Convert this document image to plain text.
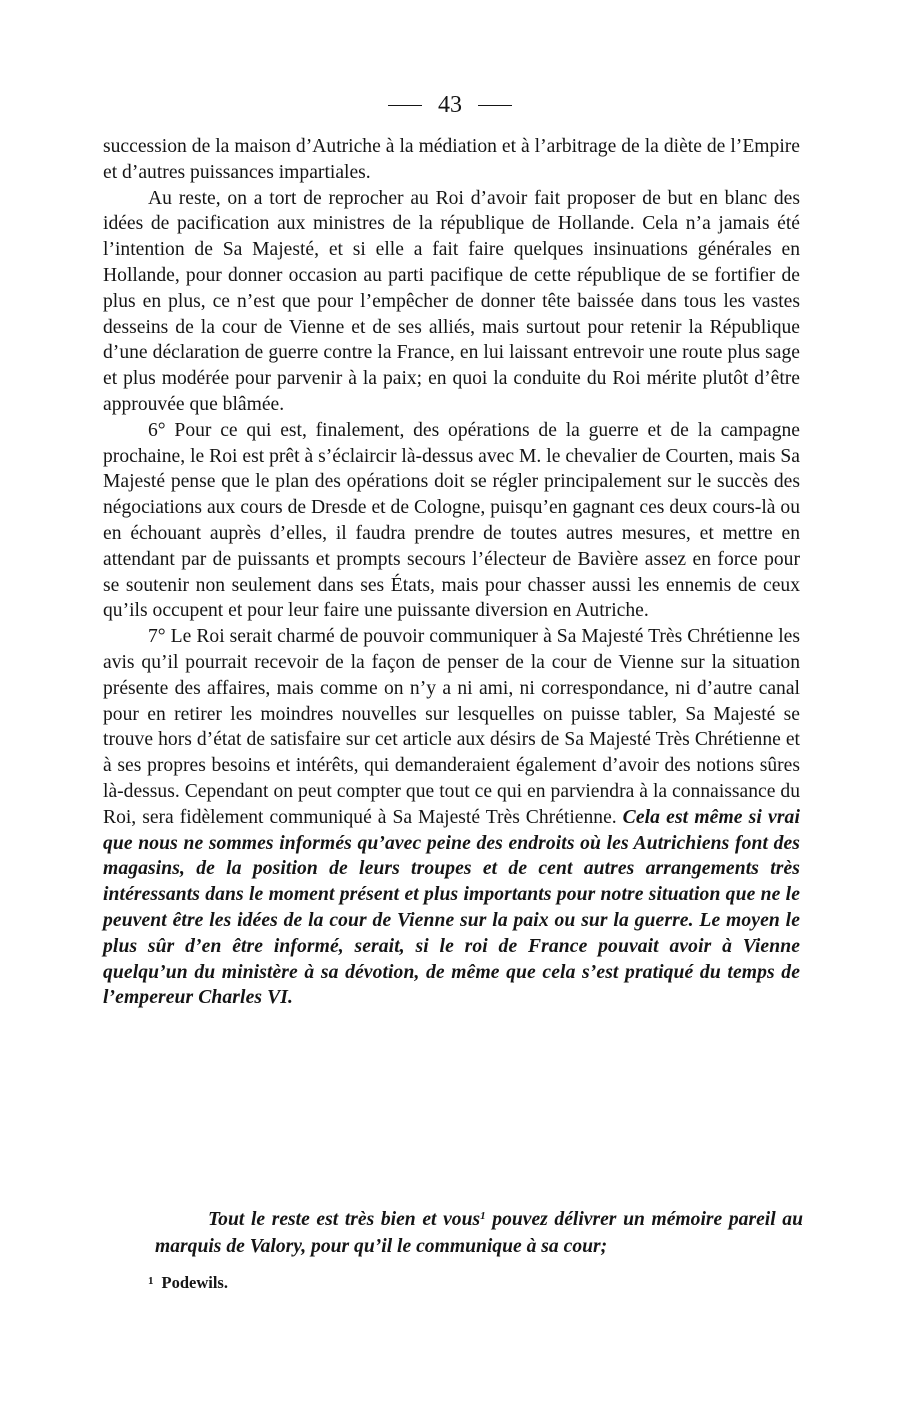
43

succession de la maison d’Autriche à la médiation et à l’arbitrage de la diète de l’Empire et d’autres puissances impartiales.

Au reste, on a tort de reprocher au Roi d’avoir fait proposer de but en blanc des idées de pacification aux ministres de la république de Hollande. Cela n’a jamais été l’intention de Sa Majesté, et si elle a fait faire quelques insinuations générales en Hollande, pour donner occasion au parti pacifique de cette république de se fortifier de plus en plus, ce n’est que pour l’empêcher de donner tête baissée dans tous les vastes desseins de la cour de Vienne et de ses alliés, mais surtout pour retenir la République d’une déclaration de guerre contre la France, en lui laissant entrevoir une route plus sage et plus modérée pour parvenir à la paix; en quoi la conduite du Roi mérite plutôt d’être approuvée que blâmée.

6° Pour ce qui est, finalement, des opérations de la guerre et de la campagne prochaine, le Roi est prêt à s’éclaircir là-dessus avec M. le chevalier de Courten, mais Sa Majesté pense que le plan des opérations doit se régler principalement sur le succès des négociations aux cours de Dresde et de Cologne, puisqu’en gagnant ces deux cours-là ou en échouant auprès d’elles, il faudra prendre de toutes autres mesures, et mettre en attendant par de puissants et prompts secours l’électeur de Bavière assez en force pour se soutenir non seulement dans ses États, mais pour chasser aussi les ennemis de ceux qu’ils occupent et pour leur faire une puissante diversion en Autriche.

7° Le Roi serait charmé de pouvoir communiquer à Sa Majesté Très Chrétienne les avis qu’il pourrait recevoir de la façon de penser de la cour de Vienne sur la situation présente des affaires, mais comme on n’y a ni ami, ni correspondance, ni d’autre canal pour en retirer les moindres nouvelles sur lesquelles on puisse tabler, Sa Majesté se trouve hors d’état de satisfaire sur cet article aux désirs de Sa Majesté Très Chrétienne et à ses propres besoins et intérêts, qui demanderaient également d’avoir des notions sûres là-dessus. Cependant on peut compter que tout ce qui en parviendra à la connaissance du Roi, sera fidèlement communiqué à Sa Majesté Très Chrétienne. Cela est même si vrai que nous ne sommes informés qu’avec peine des endroits où les Autrichiens font des magasins, de la position de leurs troupes et de cent autres arrangements très intéressants dans le moment présent et plus importants pour notre situation que ne le peuvent être les idées de la cour de Vienne sur la paix ou sur la guerre. Le moyen le plus sûr d’en être informé, serait, si le roi de France pouvait avoir à Vienne quelqu’un du ministère à sa dévotion, de même que cela s’est pratiqué du temps de l’empereur Charles VI.

Tout le reste est très bien et vous$^1$ pouvez délivrer un mémoire pareil au marquis de Valory, pour qu’il le communique à sa cour;
$^1$ Podewils.
